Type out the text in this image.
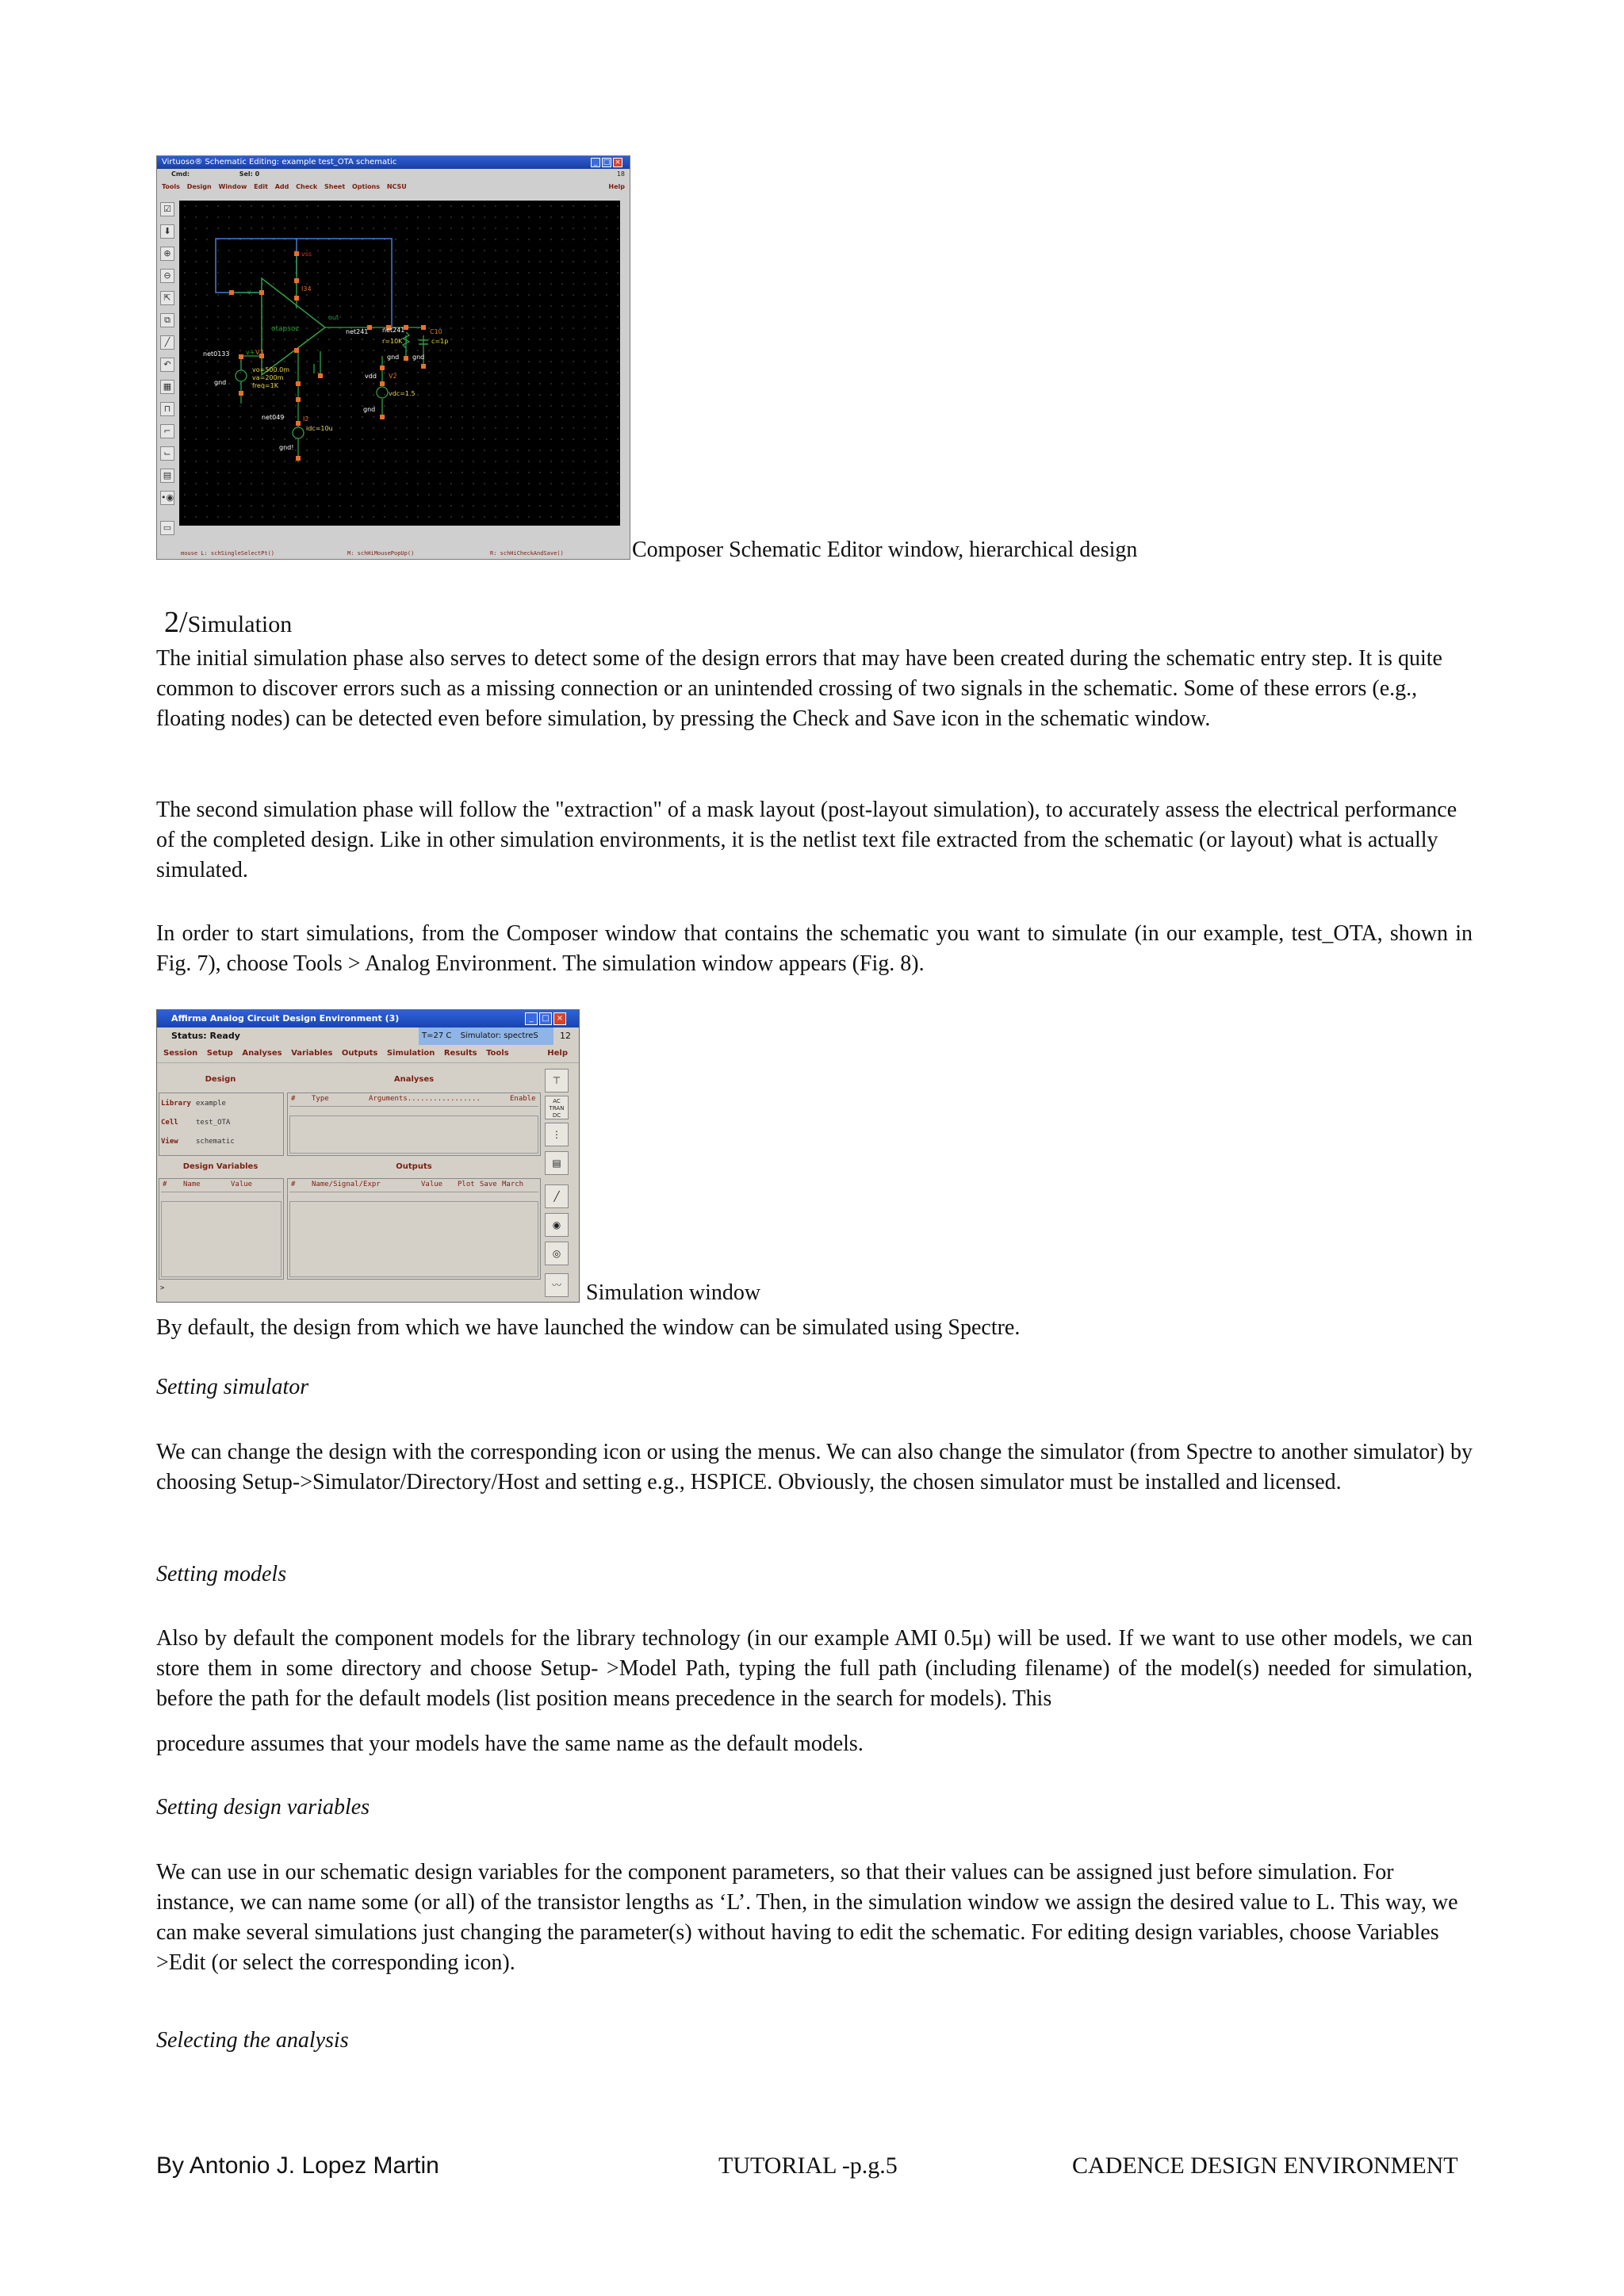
Virtuoso® Schematic Editing: example test_OTA schematic	_ □ ×
Cmd:	Sel: 0	18
Tools Design Window Edit Add Check Sheet Options NCSU	Help
☑
⬇
⊕
⊖
⇱
⧉
╱
↶
▦
⊓
⌐
⌙
▤
•◉
▭
vss
I34
v-
v+
otapsoz
out
net241 net241
r=10K
C10
c=1p
gnd gnd
net0133	V3
vo=500.0m
va=200m
freq=1K
gnd
vdd V2
vdc=1.5
net049	I2
idc=10u
gnd
gnd!
mouse L: schSingleSelectPt()	M: schHiMousePopUp()	R: schHiCheckAndSave()	Composer Schematic Editor window, hierarchical design
2/Simulation

The initial simulation phase also serves to detect some of the design errors that may have been created during the schematic entry step. It is quite common to discover errors such as a missing connection or an unintended crossing of two signals in the schematic. Some of these errors (e.g., floating nodes) can be detected even before simulation, by pressing the Check and Save icon in the schematic window.

The second simulation phase will follow the "extraction" of a mask layout (post-layout simulation), to accurately assess the electrical performance of the completed design. Like in other simulation environments, it is the netlist text file extracted from the schematic (or layout) what is actually simulated.

In order to start simulations, from the Composer window that contains the schematic you want to simulate (in our example, test_OTA, shown in Fig. 7), choose Tools > Analog Environment. The simulation window appears (Fig. 8).

Affirma Analog Circuit Design Environment (3)	_	□ ×
Status: Ready	T=27 C Simulator: spectreS	12
Session Setup Analyses Variables Outputs Simulation Results Tools	Help
Design	Analyses
Library example
Cell test_OTA
View schematic
# Type	Arguments.................	Enable
Design Variables	Outputs
# Name	Value	# Name/Signal/Expr	Value Plot Save March
>
⊤
AC
TRAN
DC
⋮
▤
╱
◉
◎
〰	Simulation window

By default, the design from which we have launched the window can be simulated using Spectre.

Setting simulator

We can change the design with the corresponding icon or using the menus. We can also change the simulator (from Spectre to another simulator) by choosing Setup->Simulator/Directory/Host and setting e.g., HSPICE. Obviously, the chosen simulator must be installed and licensed.

Setting models

Also by default the component models for the library technology (in our example AMI 0.5μ) will be used. If we want to use other models, we can store them in some directory and choose Setup- >Model Path, typing the full path (including filename) of the model(s) needed for simulation, before the path for the default models (list position means precedence in the search for models). This

procedure assumes that your models have the same name as the default models.

Setting design variables

We can use in our schematic design variables for the component parameters, so that their values can be assigned just before simulation. For instance, we can name some (or all) of the transistor lengths as ‘L’. Then, in the simulation window we assign the desired value to L. This way, we can make several simulations just changing the parameter(s) without having to edit the schematic. For editing design variables, choose Variables >Edit (or select the corresponding icon).

Selecting the analysis

By Antonio J. Lopez Martin	TUTORIAL -p.g.5	CADENCE DESIGN ENVIRONMENT
